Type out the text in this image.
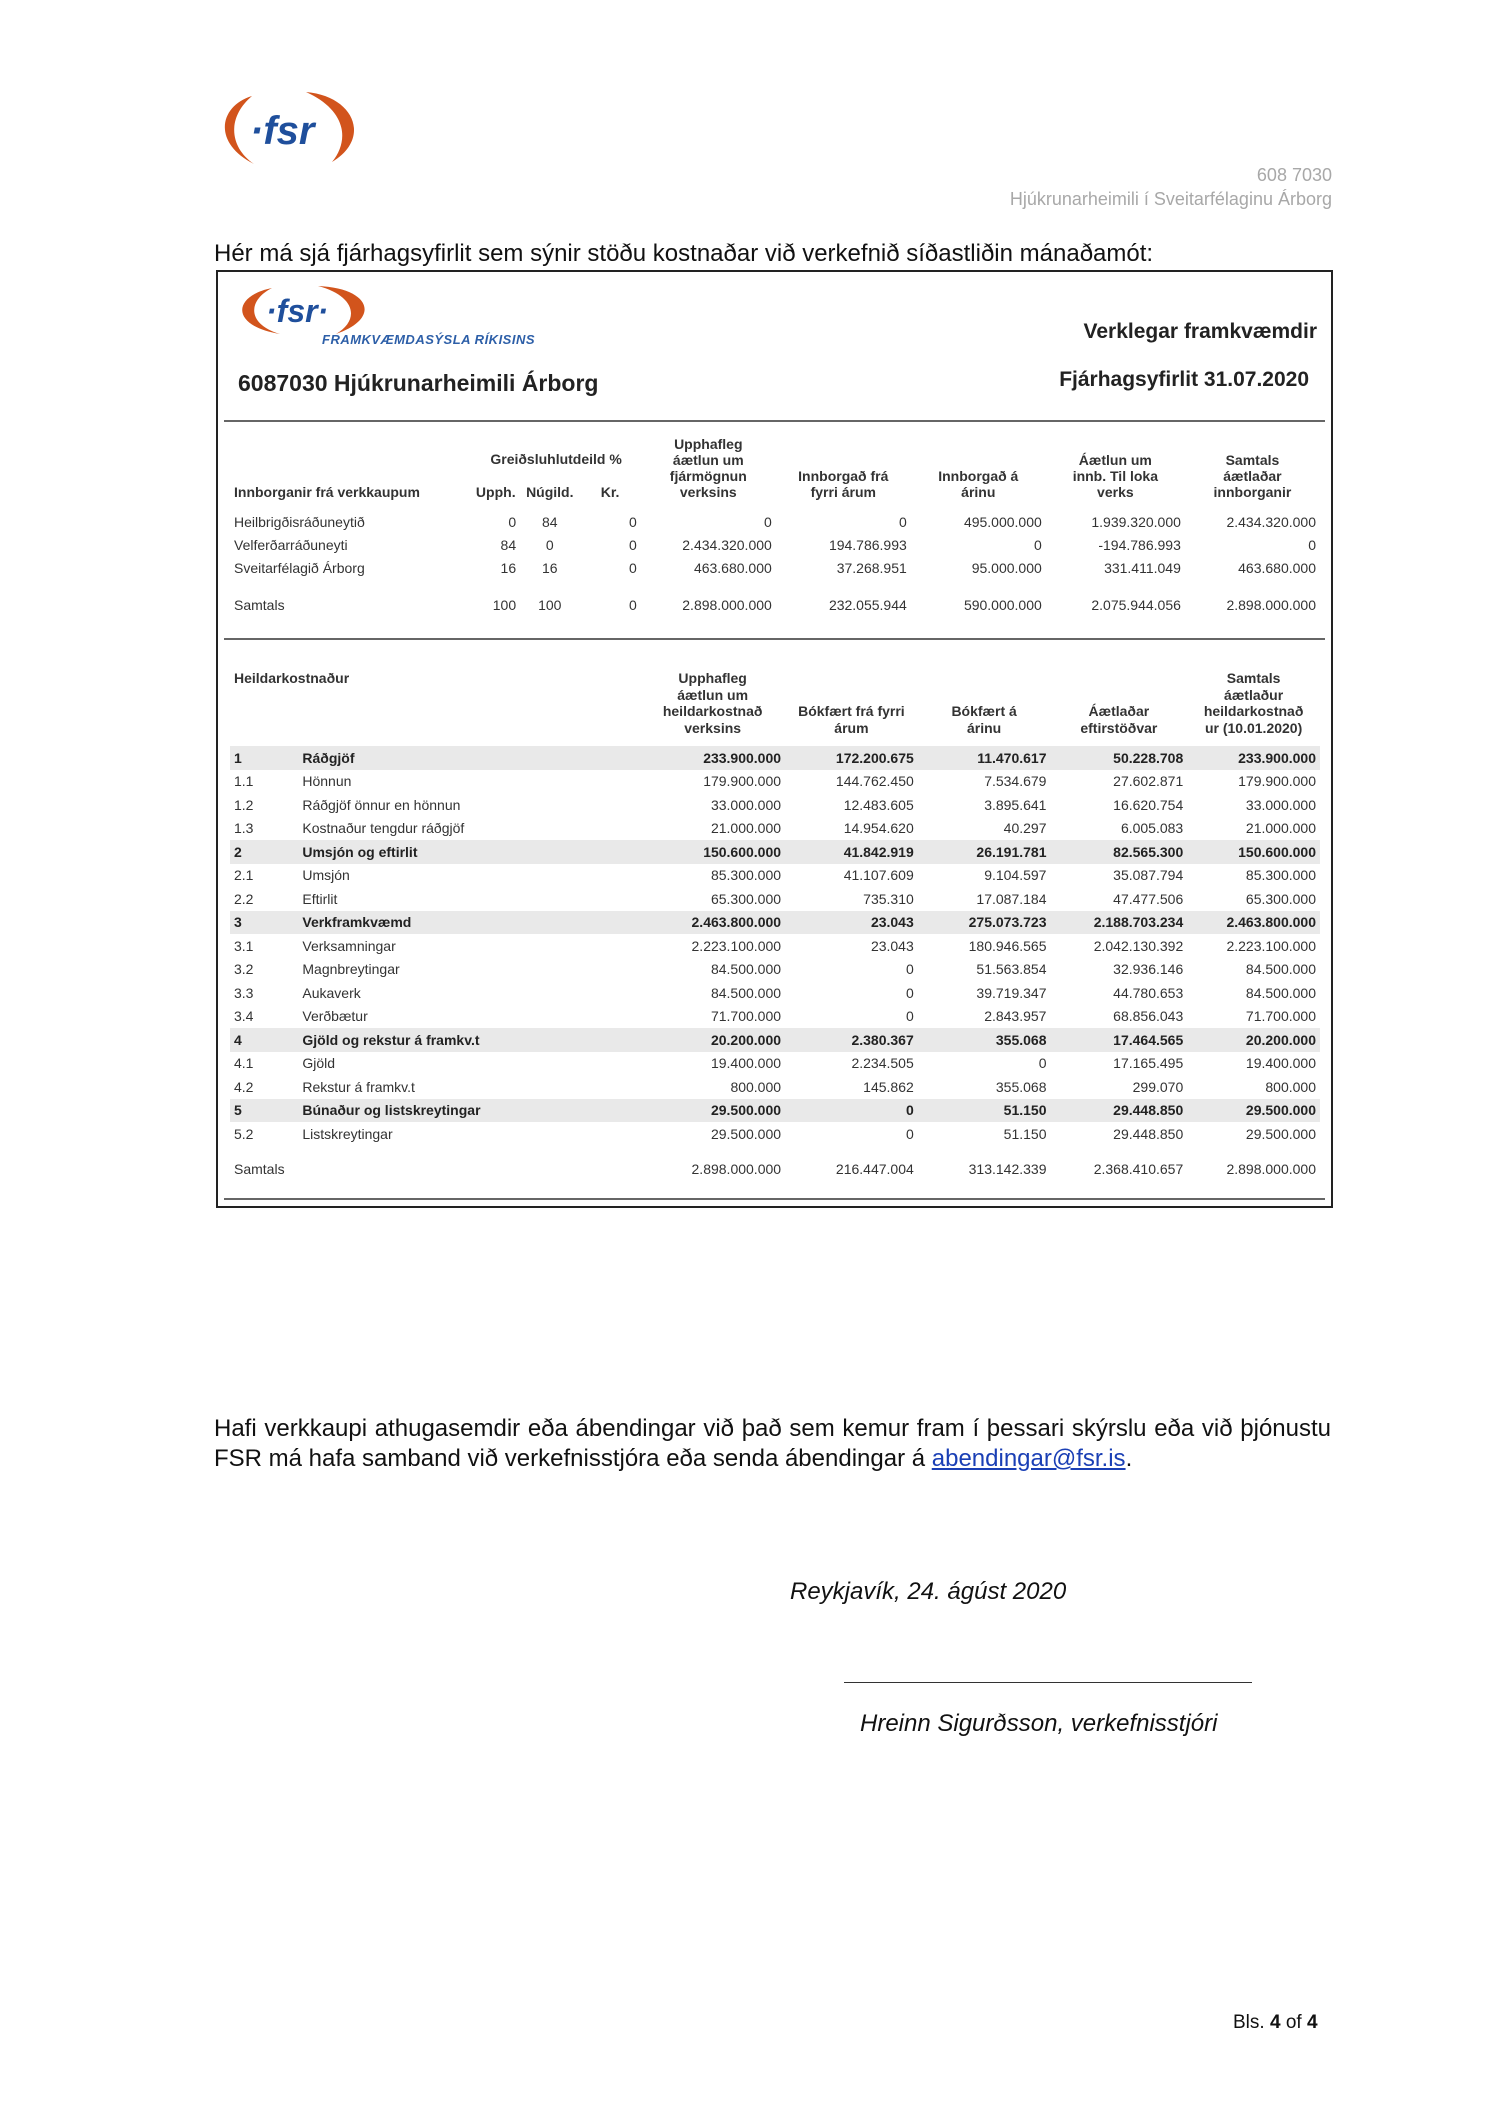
·fsr
608 7030
Hjúkrunarheimili í Sveitarfélaginu Árborg
Hér má sjá fjárhagsyfirlit sem sýnir stöðu kostnaðar við verkefnið síðastliðin mánaðamót:
·fsr·
FRAMKVÆMDASÝSLA RÍKISINS
6087030 Hjúkrunarheimili Árborg
Verklegar framkvæmdir
Fjárhagsyfirlit 31.07.2020
Innborganir frá verkkaupum	Greiðsluhlutdeild %			Upphafleg
áætlun um
fjármögnun
verksins	Innborgað frá
fyrri árum	Innborgað á
árinu	Áætlun um
innb. Til loka
verks	Samtals
áætlaðar
innborganir
	Upph.	Núgild.	Kr.					

Heilbrigðisráðuneytið	0	84	0	0	0	495.000.000	1.939.320.000	2.434.320.000
Velferðarráðuneyti	84	0	0	2.434.320.000	194.786.993	0	-194.786.993	0
Sveitarfélagið Árborg	16	16	0	463.680.000	37.268.951	95.000.000	331.411.049	463.680.000

Samtals	100	100	0	2.898.000.000	232.055.944	590.000.000	2.075.944.056	2.898.000.000
Heildarkostnaður		Upphafleg
áætlun um
heildarkostnað
verksins	Bókfært frá fyrri
árum	Bókfært á
árinu	Áætlaðar
eftirstöðvar	Samtals
áætlaður
heildarkostnað
ur (10.01.2020)

1	Ráðgjöf	233.900.000	172.200.675	11.470.617	50.228.708	233.900.000
1.1	Hönnun	179.900.000	144.762.450	7.534.679	27.602.871	179.900.000
1.2	Ráðgjöf önnur en hönnun	33.000.000	12.483.605	3.895.641	16.620.754	33.000.000
1.3	Kostnaður tengdur ráðgjöf	21.000.000	14.954.620	40.297	6.005.083	21.000.000
2	Umsjón og eftirlit	150.600.000	41.842.919	26.191.781	82.565.300	150.600.000
2.1	Umsjón	85.300.000	41.107.609	9.104.597	35.087.794	85.300.000
2.2	Eftirlit	65.300.000	735.310	17.087.184	47.477.506	65.300.000
3	Verkframkvæmd	2.463.800.000	23.043	275.073.723	2.188.703.234	2.463.800.000
3.1	Verksamningar	2.223.100.000	23.043	180.946.565	2.042.130.392	2.223.100.000
3.2	Magnbreytingar	84.500.000	0	51.563.854	32.936.146	84.500.000
3.3	Aukaverk	84.500.000	0	39.719.347	44.780.653	84.500.000
3.4	Verðbætur	71.700.000	0	2.843.957	68.856.043	71.700.000
4	Gjöld og rekstur á framkv.t	20.200.000	2.380.367	355.068	17.464.565	20.200.000
4.1	Gjöld	19.400.000	2.234.505	0	17.165.495	19.400.000
4.2	Rekstur á framkv.t	800.000	145.862	355.068	299.070	800.000
5	Búnaður og listskreytingar	29.500.000	0	51.150	29.448.850	29.500.000
5.2	Listskreytingar	29.500.000	0	51.150	29.448.850	29.500.000

Samtals		2.898.000.000	216.447.004	313.142.339	2.368.410.657	2.898.000.000
Hafi verkkaupi athugasemdir eða ábendingar við það sem kemur fram í þessari skýrslu eða við þjónustu FSR má hafa samband við verkefnisstjóra eða senda ábendingar á abendingar@fsr.is.
Reykjavík, 24. ágúst 2020
Hreinn Sigurðsson, verkefnisstjóri
Bls. 4 of 4
